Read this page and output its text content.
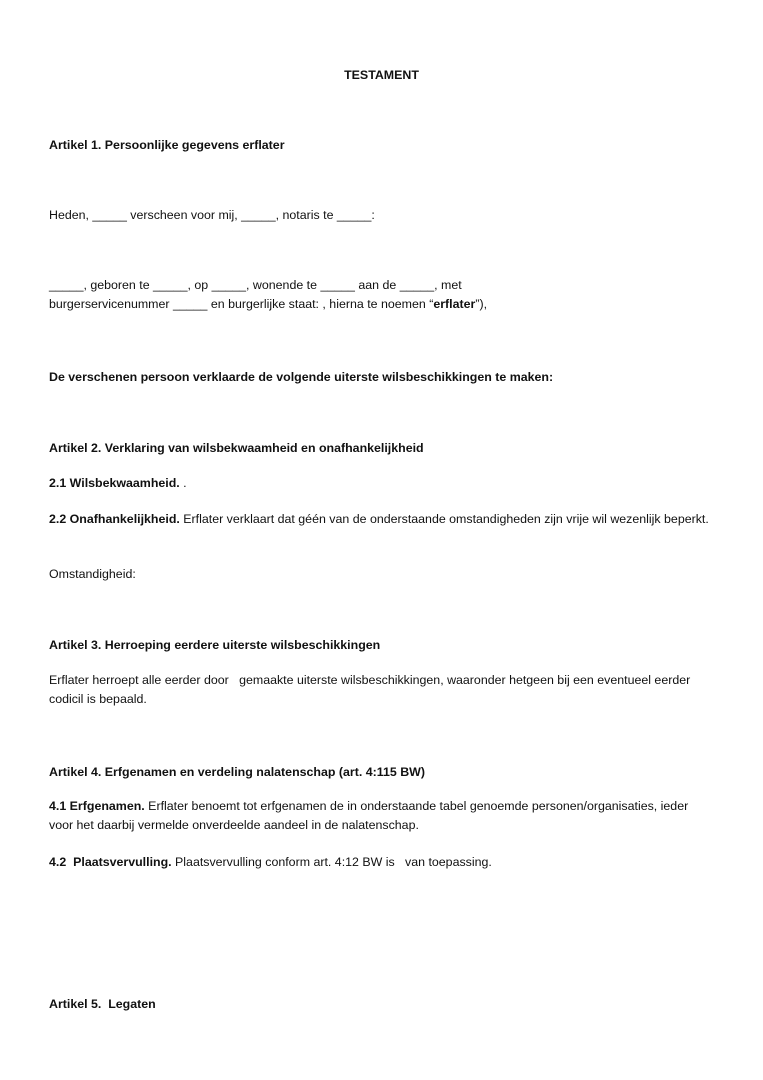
TESTAMENT

Artikel 1. Persoonlijke gegevens erflater

Heden, _____ verscheen voor mij, _____, notaris te _____:

_____, geboren te _____, op _____, wonende te _____ aan de _____, met burgerservicenummer _____ en burgerlijke staat: , hierna te noemen “erflater”),

De verschenen persoon verklaarde de volgende uiterste wilsbeschikkingen te maken:

Artikel 2. Verklaring van wilsbekwaamheid en onafhankelijkheid

2.1 Wilsbekwaamheid. .

2.2 Onafhankelijkheid. Erflater verklaart dat géén van de onderstaande omstandigheden zijn vrije wil wezenlijk beperkt.

Omstandigheid:

Artikel 3. Herroeping eerdere uiterste wilsbeschikkingen

Erflater herroept alle eerder door   gemaakte uiterste wilsbeschikkingen, waaronder hetgeen bij een eventueel eerder codicil is bepaald.

Artikel 4. Erfgenamen en verdeling nalatenschap (art. 4:115 BW)

4.1 Erfgenamen. Erflater benoemt tot erfgenamen de in onderstaande tabel genoemde personen/organisaties, ieder voor het daarbij vermelde onverdeelde aandeel in de nalatenschap.

4.2  Plaatsvervulling. Plaatsvervulling conform art. 4:12 BW is   van toepassing.

Artikel 5.  Legaten
